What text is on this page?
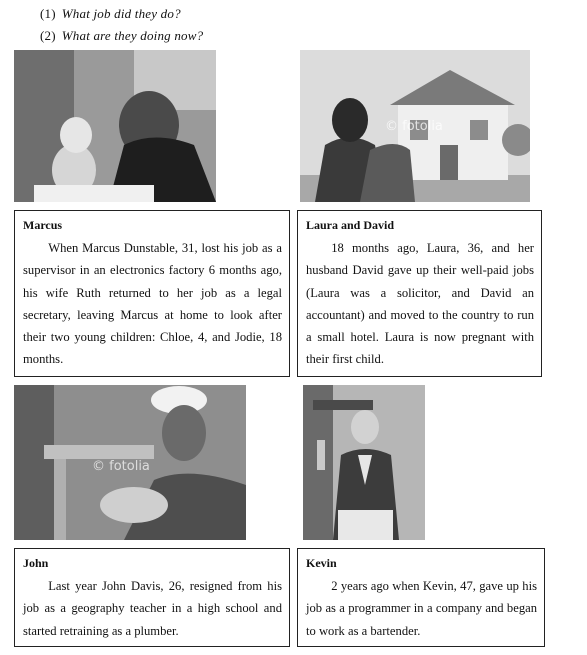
(1) What job did they do?
(2) What are they doing now?
© fotolia
Marcus
When Marcus Dunstable, 31, lost his job as a supervisor in an electronics factory 6 months ago, his wife Ruth returned to her job as a legal secretary, leaving Marcus at home to look after their two young children: Chloe, 4, and Jodie, 18 months.
Laura and David
18 months ago, Laura, 36, and her husband David gave up their well-paid jobs (Laura was a solicitor, and David an accountant) and moved to the country to run a small hotel. Laura is now pregnant with their first child.
© fotolia
John
Last year John Davis, 26, resigned from his job as a geography teacher in a high school and started retraining as a plumber.
Kevin
2 years ago when Kevin, 47, gave up his job as a programmer in a company and began to work as a bartender.
